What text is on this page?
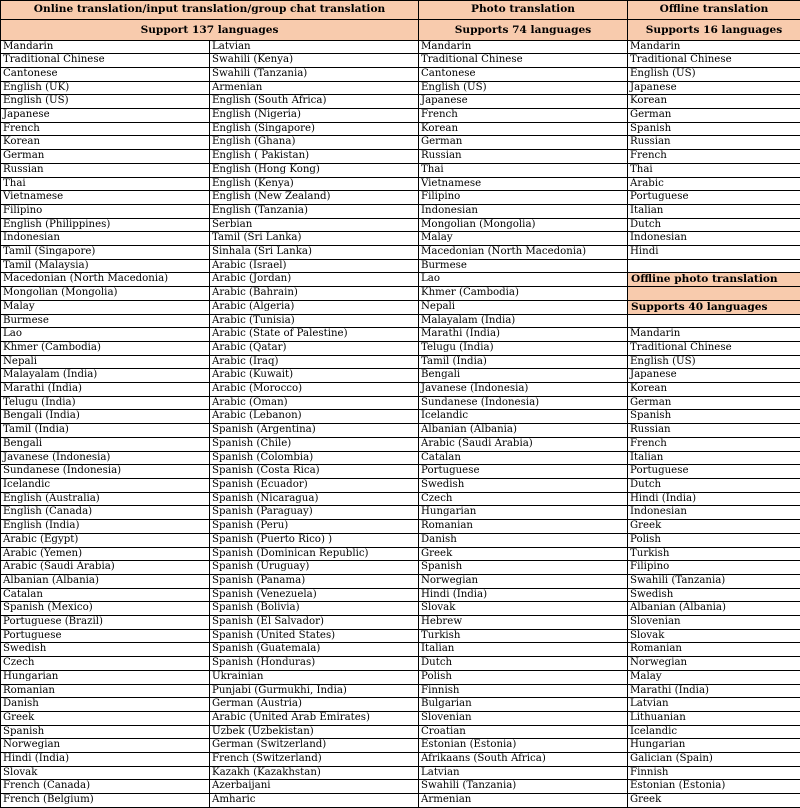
Online translation/input translation/group chat translation		Photo translation	Offline translation
Support 137 languages		Supports 74 languages	Supports 16 languages
Mandarin	Latvian	Mandarin	Mandarin
Traditional Chinese	Swahili (Kenya)	Traditional Chinese	Traditional Chinese
Cantonese	Swahili (Tanzania)	Cantonese	English (US)
English (UK)	Armenian	English (US)	Japanese
English (US)	English (South Africa)	Japanese	Korean
Japanese	English (Nigeria)	French	German
French	English (Singapore)	Korean	Spanish
Korean	English (Ghana)	German	Russian
German	English ( Pakistan)	Russian	French
Russian	English (Hong Kong)	Thai	Thai
Thai	English (Kenya)	Vietnamese	Arabic
Vietnamese	English (New Zealand)	Filipino	Portuguese
Filipino	English (Tanzania)	Indonesian	Italian
English (Philippines)	Serbian	Mongolian (Mongolia)	Dutch
Indonesian	Tamil (Sri Lanka)	Malay	Indonesian
Tamil (Singapore)	Sinhala (Sri Lanka)	Macedonian (North Macedonia)	Hindi
Tamil (Malaysia)	Arabic (Israel)	Burmese	
Macedonian (North Macedonia)	Arabic (Jordan)	Lao	Offline photo translation
Mongolian (Mongolia)	Arabic (Bahrain)	Khmer (Cambodia)	
Malay	Arabic (Algeria)	Nepali	Supports 40 languages
Burmese	Arabic (Tunisia)	Malayalam (India)	
Lao	Arabic (State of Palestine)	Marathi (India)	Mandarin
Khmer (Cambodia)	Arabic (Qatar)	Telugu (India)	Traditional Chinese
Nepali	Arabic (Iraq)	Tamil (India)	English (US)
Malayalam (India)	Arabic (Kuwait)	Bengali	Japanese
Marathi (India)	Arabic (Morocco)	Javanese (Indonesia)	Korean
Telugu (India)	Arabic (Oman)	Sundanese (Indonesia)	German
Bengali (India)	Arabic (Lebanon)	Icelandic	Spanish
Tamil (India)	Spanish (Argentina)	Albanian (Albania)	Russian
Bengali	Spanish (Chile)	Arabic (Saudi Arabia)	French
Javanese (Indonesia)	Spanish (Colombia)	Catalan	Italian
Sundanese (Indonesia)	Spanish (Costa Rica)	Portuguese	Portuguese
Icelandic	Spanish (Ecuador)	Swedish	Dutch
English (Australia)	Spanish (Nicaragua)	Czech	Hindi (India)
English (Canada)	Spanish (Paraguay)	Hungarian	Indonesian
English (India)	Spanish (Peru)	Romanian	Greek
Arabic (Egypt)	Spanish (Puerto Rico) )	Danish	Polish
Arabic (Yemen)	Spanish (Dominican Republic)	Greek	Turkish
Arabic (Saudi Arabia)	Spanish (Uruguay)	Spanish	Filipino
Albanian (Albania)	Spanish (Panama)	Norwegian	Swahili (Tanzania)
Catalan	Spanish (Venezuela)	Hindi (India)	Swedish
Spanish (Mexico)	Spanish (Bolivia)	Slovak	Albanian (Albania)
Portuguese (Brazil)	Spanish (El Salvador)	Hebrew	Slovenian
Portuguese	Spanish (United States)	Turkish	Slovak
Swedish	Spanish (Guatemala)	Italian	Romanian
Czech	Spanish (Honduras)	Dutch	Norwegian
Hungarian	Ukrainian	Polish	Malay
Romanian	Punjabi (Gurmukhi, India)	Finnish	Marathi (India)
Danish	German (Austria)	Bulgarian	Latvian
Greek	Arabic (United Arab Emirates)	Slovenian	Lithuanian
Spanish	Uzbek (Uzbekistan)	Croatian	Icelandic
Norwegian	German (Switzerland)	Estonian (Estonia)	Hungarian
Hindi (India)	French (Switzerland)	Afrikaans (South Africa)	Galician (Spain)
Slovak	Kazakh (Kazakhstan)	Latvian	Finnish
French (Canada)	Azerbaijani	Swahili (Tanzania)	Estonian (Estonia)
French (Belgium)	Amharic	Armenian	Greek
